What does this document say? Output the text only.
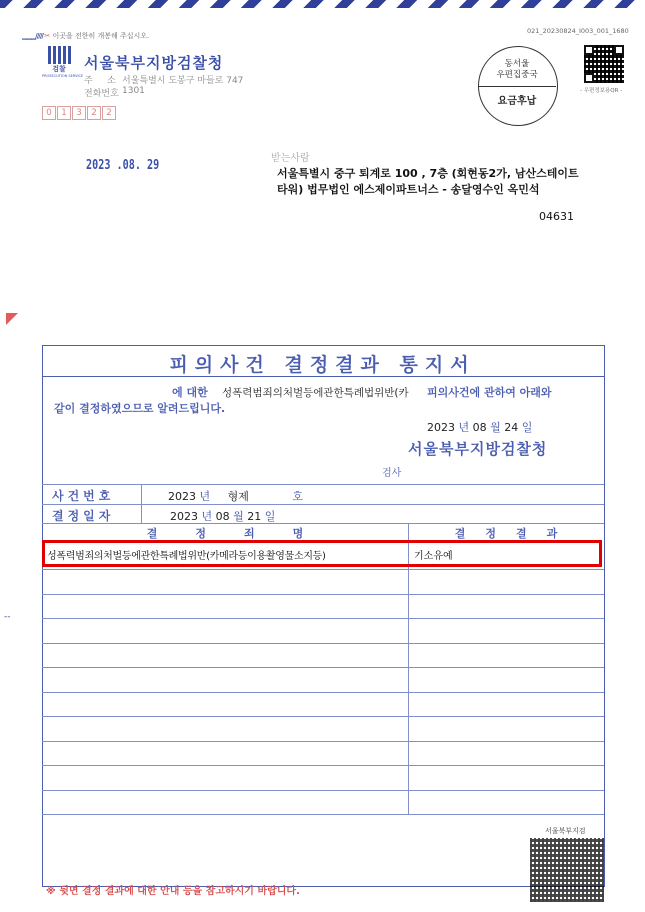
▁▁▁///// ✂ 이곳을 전한히 개봉해 주십시오.
021_20230824_I003_001_1680
검찰
PROSECUTION SERVICE
서울북부지방검찰청
주     소 서울특별시 도봉구 마들로 747
전화번호 1301
0 1 3 2 2
동서울
우편집중국
요금후납
- 우편정보용QR -
2023 .08. 29	받는사람
서울특별시 중구 퇴계로 100 , 7층 (회현동2가, 남산스테이트
타워) 법무법인 에스제이파트너스 - 송달영수인 옥민석
04631
--
피의사건 결정결과 통지서
에 대한 성폭력범죄의처벌등에관한특례법위반(카 피의사건에 관하여 아래와
같이 결정하였으므로 알려드립니다.
2023 년 08 월 24 일
서울북부지방검찰청
검사
사건번호	2023 년 형제	호
결정일자	2023 년 08 월 21 일
결정죄명	결정결과
성폭력범죄의처벌등에관한특례법위반(카메라등이용촬영물소지등)	기소유예
※ 뒷면 결정 결과에 대한 안내 등을 참고하시기 바랍니다.
서울북부지검
